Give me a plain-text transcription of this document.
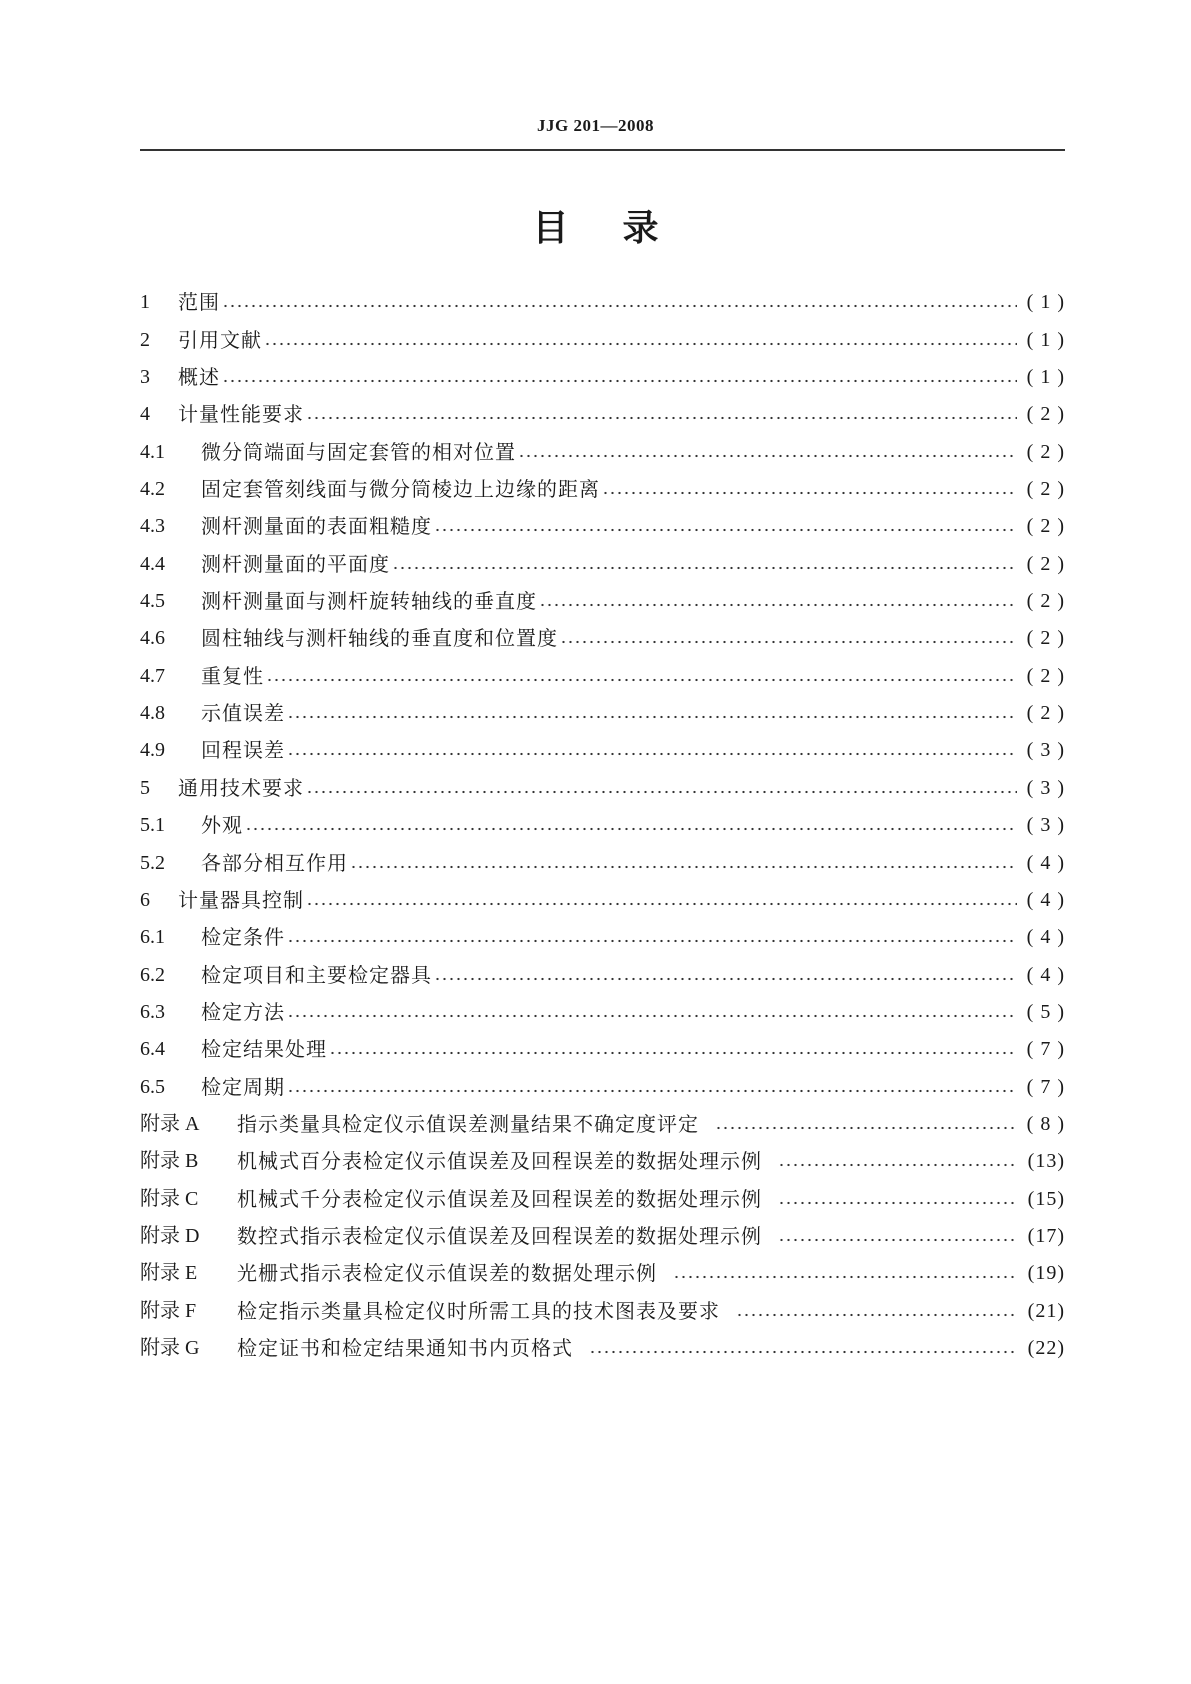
JJG 201—2008
目录
1	范围	( 1 )
2	引用文献	( 1 )
3	概述	( 1 )
4	计量性能要求	( 2 )
4.1	微分筒端面与固定套管的相对位置	( 2 )
4.2	固定套管刻线面与微分筒棱边上边缘的距离	( 2 )
4.3	测杆测量面的表面粗糙度	( 2 )
4.4	测杆测量面的平面度	( 2 )
4.5	测杆测量面与测杆旋转轴线的垂直度	( 2 )
4.6	圆柱轴线与测杆轴线的垂直度和位置度	( 2 )
4.7	重复性	( 2 )
4.8	示值误差	( 2 )
4.9	回程误差	( 3 )
5	通用技术要求	( 3 )
5.1	外观	( 3 )
5.2	各部分相互作用	( 4 )
6	计量器具控制	( 4 )
6.1	检定条件	( 4 )
6.2	检定项目和主要检定器具	( 4 )
6.3	检定方法	( 5 )
6.4	检定结果处理	( 7 )
6.5	检定周期	( 7 )
附录 A	指示类量具检定仪示值误差测量结果不确定度评定	( 8 )
附录 B	机械式百分表检定仪示值误差及回程误差的数据处理示例	(13)
附录 C	机械式千分表检定仪示值误差及回程误差的数据处理示例	(15)
附录 D	数控式指示表检定仪示值误差及回程误差的数据处理示例	(17)
附录 E	光栅式指示表检定仪示值误差的数据处理示例	(19)
附录 F	检定指示类量具检定仪时所需工具的技术图表及要求	(21)
附录 G	检定证书和检定结果通知书内页格式	(22)
